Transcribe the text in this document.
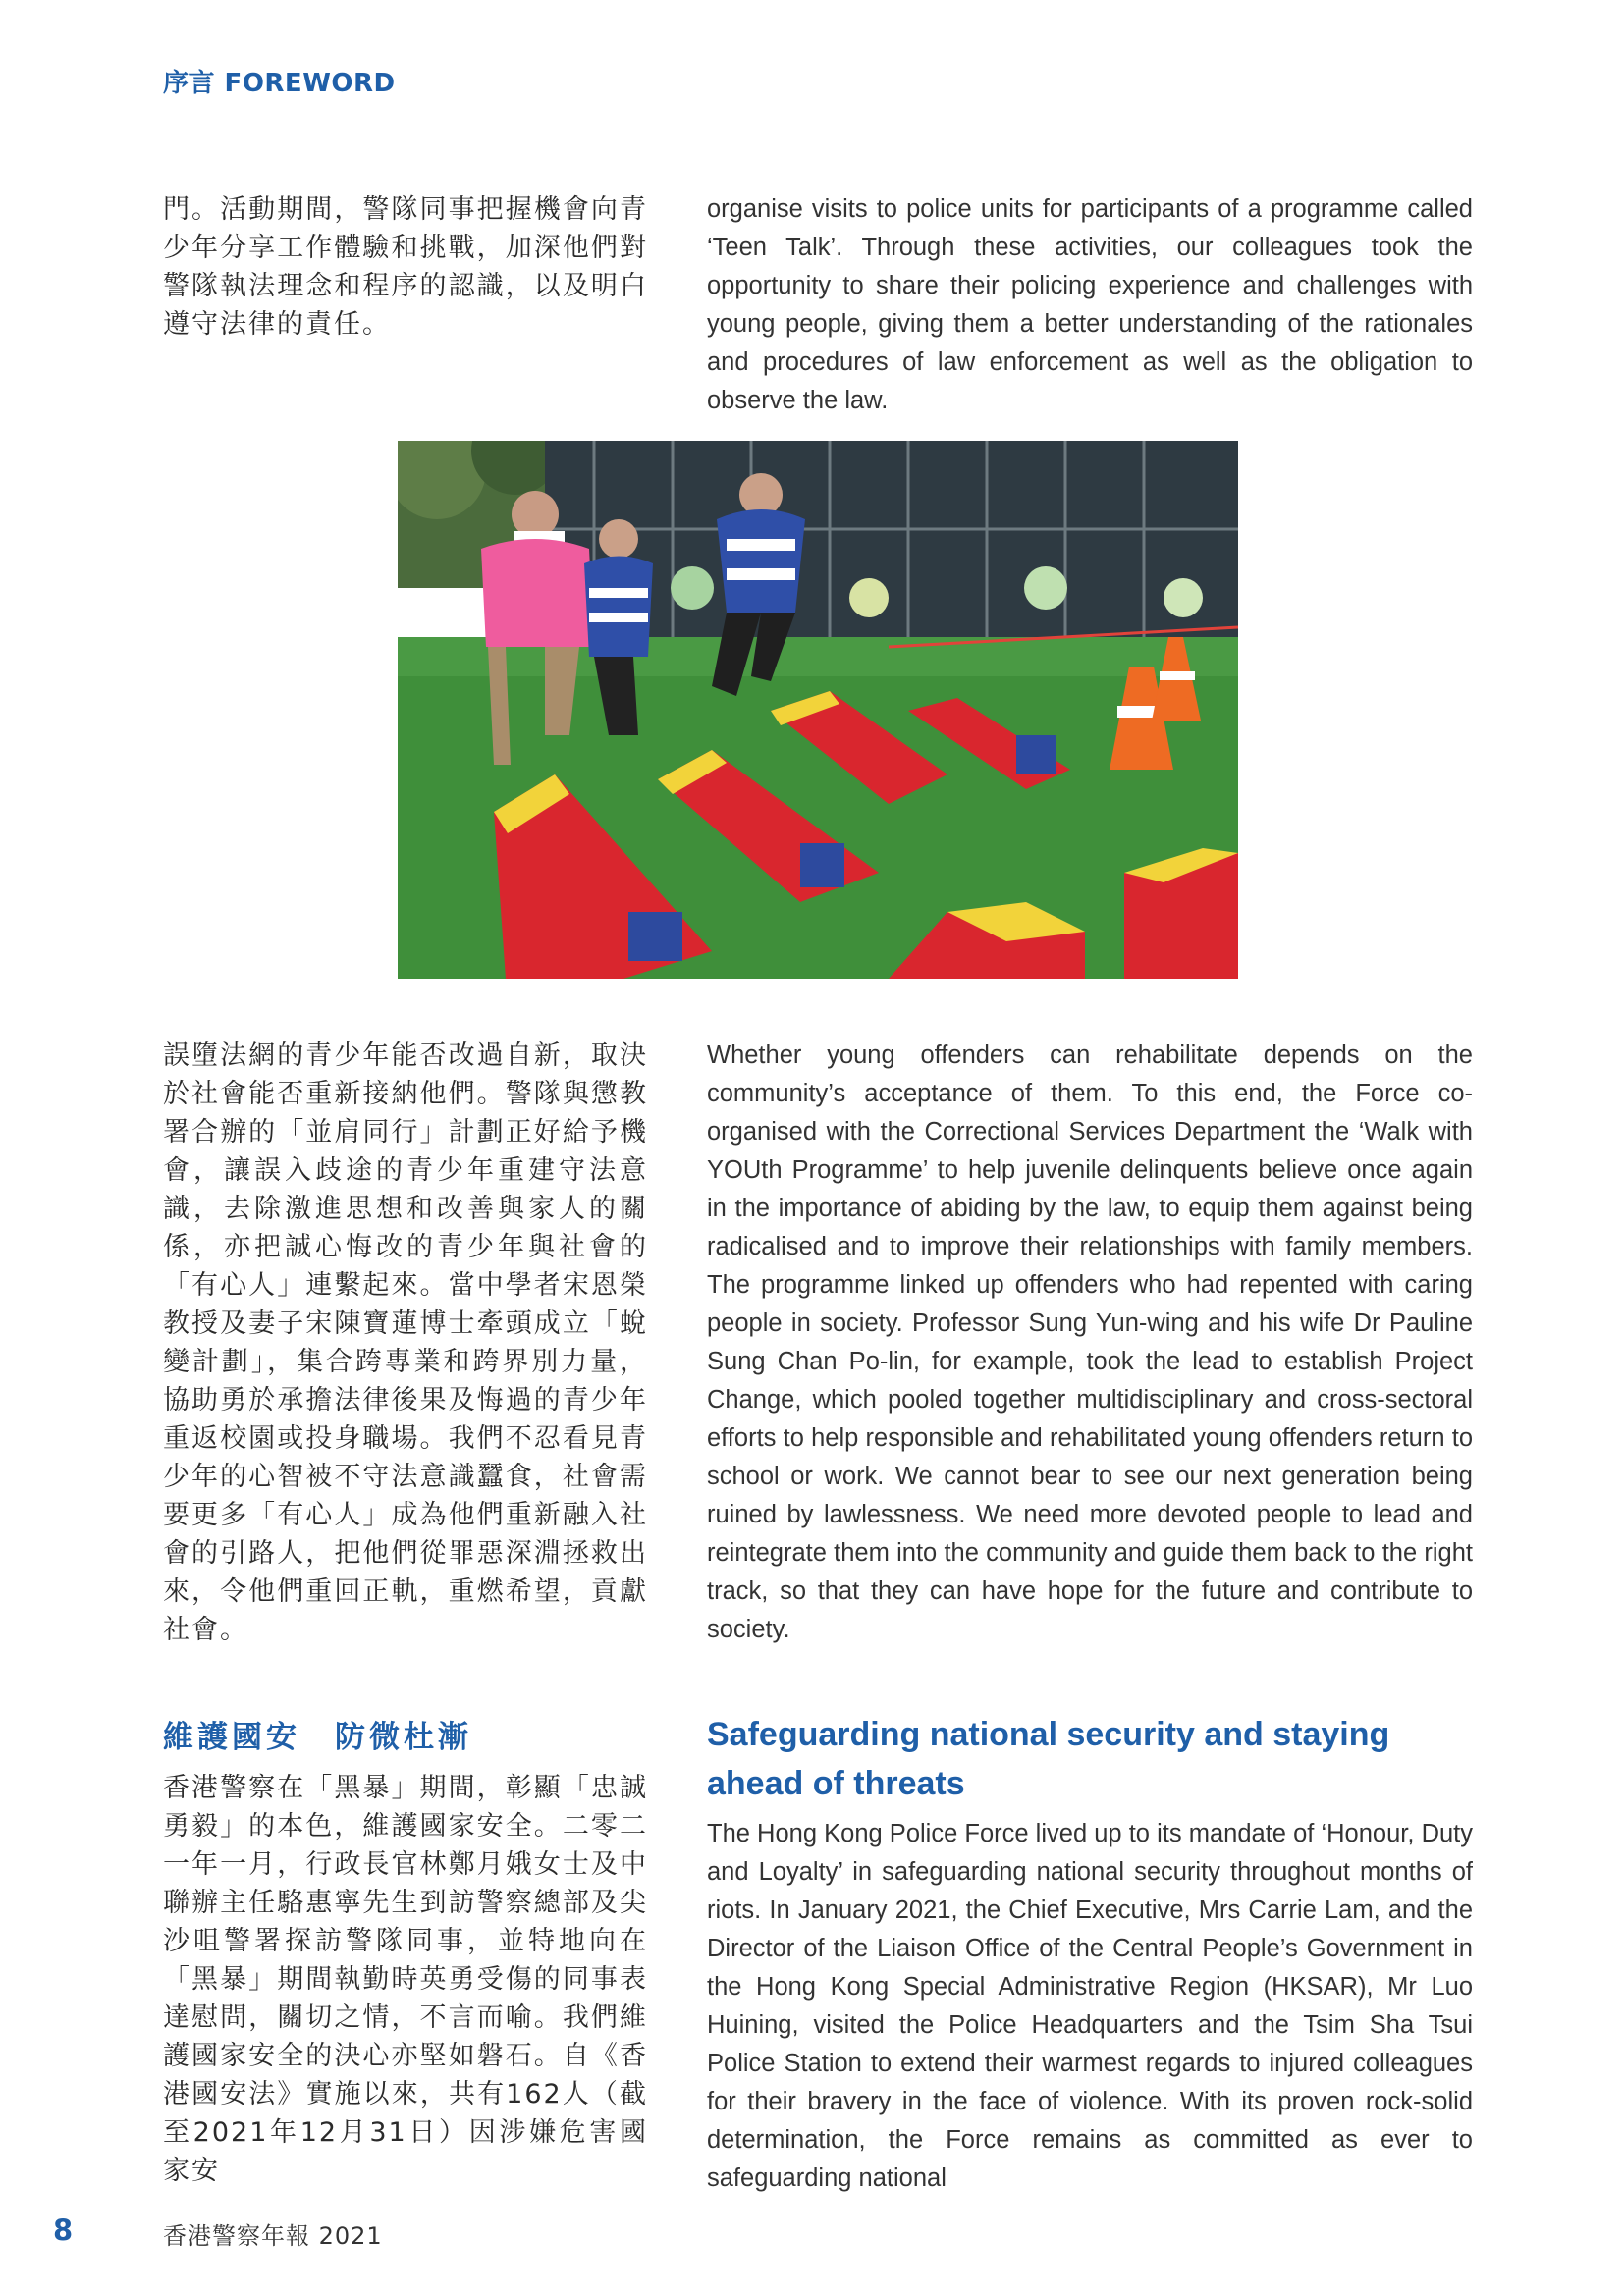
序言 FOREWORD

門。活動期間，警隊同事把握機會向青少年分享工作體驗和挑戰，加深他們對警隊執法理念和程序的認識，以及明白遵守法律的責任。

organise visits to police units for participants of a programme called ‘Teen Talk’. Through these activities, our colleagues took the opportunity to share their policing experience and challenges with young people, giving them a better understanding of the rationales and procedures of law enforcement as well as the obligation to observe the law.

誤墮法網的青少年能否改過自新，取決於社會能否重新接納他們。警隊與懲教署合辦的「並肩同行」計劃正好給予機會，讓誤入歧途的青少年重建守法意識，去除激進思想和改善與家人的關係，亦把誠心悔改的青少年與社會的「有心人」連繫起來。當中學者宋恩榮教授及妻子宋陳寶蓮博士牽頭成立「蛻變計劃」，集合跨專業和跨界別力量，協助勇於承擔法律後果及悔過的青少年重返校園或投身職場。我們不忍看見青少年的心智被不守法意識蠶食，社會需要更多「有心人」成為他們重新融入社會的引路人，把他們從罪惡深淵拯救出來，令他們重回正軌，重燃希望，貢獻社會。

Whether young offenders can rehabilitate depends on the community’s acceptance of them. To this end, the Force co-organised with the Correctional Services Department the ‘Walk with YOUth Programme’ to help juvenile delinquents believe once again in the importance of abiding by the law, to equip them against being radicalised and to improve their relationships with family members. The programme linked up offenders who had repented with caring people in society. Professor Sung Yun-wing and his wife Dr Pauline Sung Chan Po-lin, for example, took the lead to establish Project Change, which pooled together multidisciplinary and cross-sectoral efforts to help responsible and rehabilitated young offenders return to school or work. We cannot bear to see our next generation being ruined by lawlessness. We need more devoted people to lead and reintegrate them into the community and guide them back to the right track, so that they can have hope for the future and contribute to society.

維護國安　防微杜漸	Safeguarding national security and staying ahead of threats

香港警察在「黑暴」期間，彰顯「忠誠勇毅」的本色，維護國家安全。二零二一年一月，行政長官林鄭月娥女士及中聯辦主任駱惠寧先生到訪警察總部及尖沙咀警署探訪警隊同事，並特地向在「黑暴」期間執勤時英勇受傷的同事表達慰問，關切之情，不言而喻。我們維護國家安全的決心亦堅如磐石。自《香港國安法》實施以來，共有162人（截至2021年12月31日）因涉嫌危害國家安

The Hong Kong Police Force lived up to its mandate of ‘Honour, Duty and Loyalty’ in safeguarding national security throughout months of riots. In January 2021, the Chief Executive, Mrs Carrie Lam, and the Director of the Liaison Office of the Central People’s Government in the Hong Kong Special Administrative Region (HKSAR), Mr Luo Huining, visited the Police Headquarters and the Tsim Sha Tsui Police Station to extend their warmest regards to injured colleagues for their bravery in the face of violence. With its proven rock-solid determination, the Force remains as committed as ever to safeguarding national

8	香港警察年報 2021
